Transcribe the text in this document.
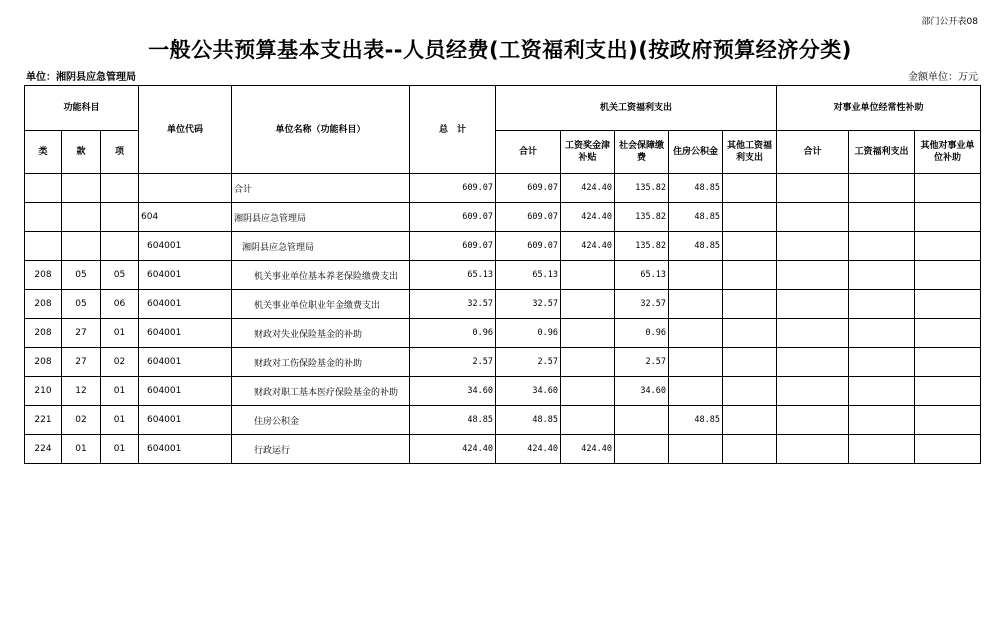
部门公开表08
一般公共预算基本支出表--人员经费(工资福利支出)(按政府预算经济分类)
单位：湘阴县应急管理局	金额单位：万元
功能科目			单位代码	单位名称（功能科目）	总　计	机关工资福利支出					对事业单位经常性补助		
类	款	项				合计	工资奖金津补贴	社会保障缴费	住房公积金	其他工资福利支出	合计	工资福利支出	其他对事业单位补助
				合计	609.07	609.07	424.40	135.82	48.85				
			604	湘阴县应急管理局	609.07	609.07	424.40	135.82	48.85				
			604001	湘阴县应急管理局	609.07	609.07	424.40	135.82	48.85				
208	05	05	604001	机关事业单位基本养老保险缴费支出	65.13	65.13		65.13					
208	05	06	604001	机关事业单位职业年金缴费支出	32.57	32.57		32.57					
208	27	01	604001	财政对失业保险基金的补助	0.96	0.96		0.96					
208	27	02	604001	财政对工伤保险基金的补助	2.57	2.57		2.57					
210	12	01	604001	财政对职工基本医疗保险基金的补助	34.60	34.60		34.60					
221	02	01	604001	住房公积金	48.85	48.85			48.85				
224	01	01	604001	行政运行	424.40	424.40	424.40						
